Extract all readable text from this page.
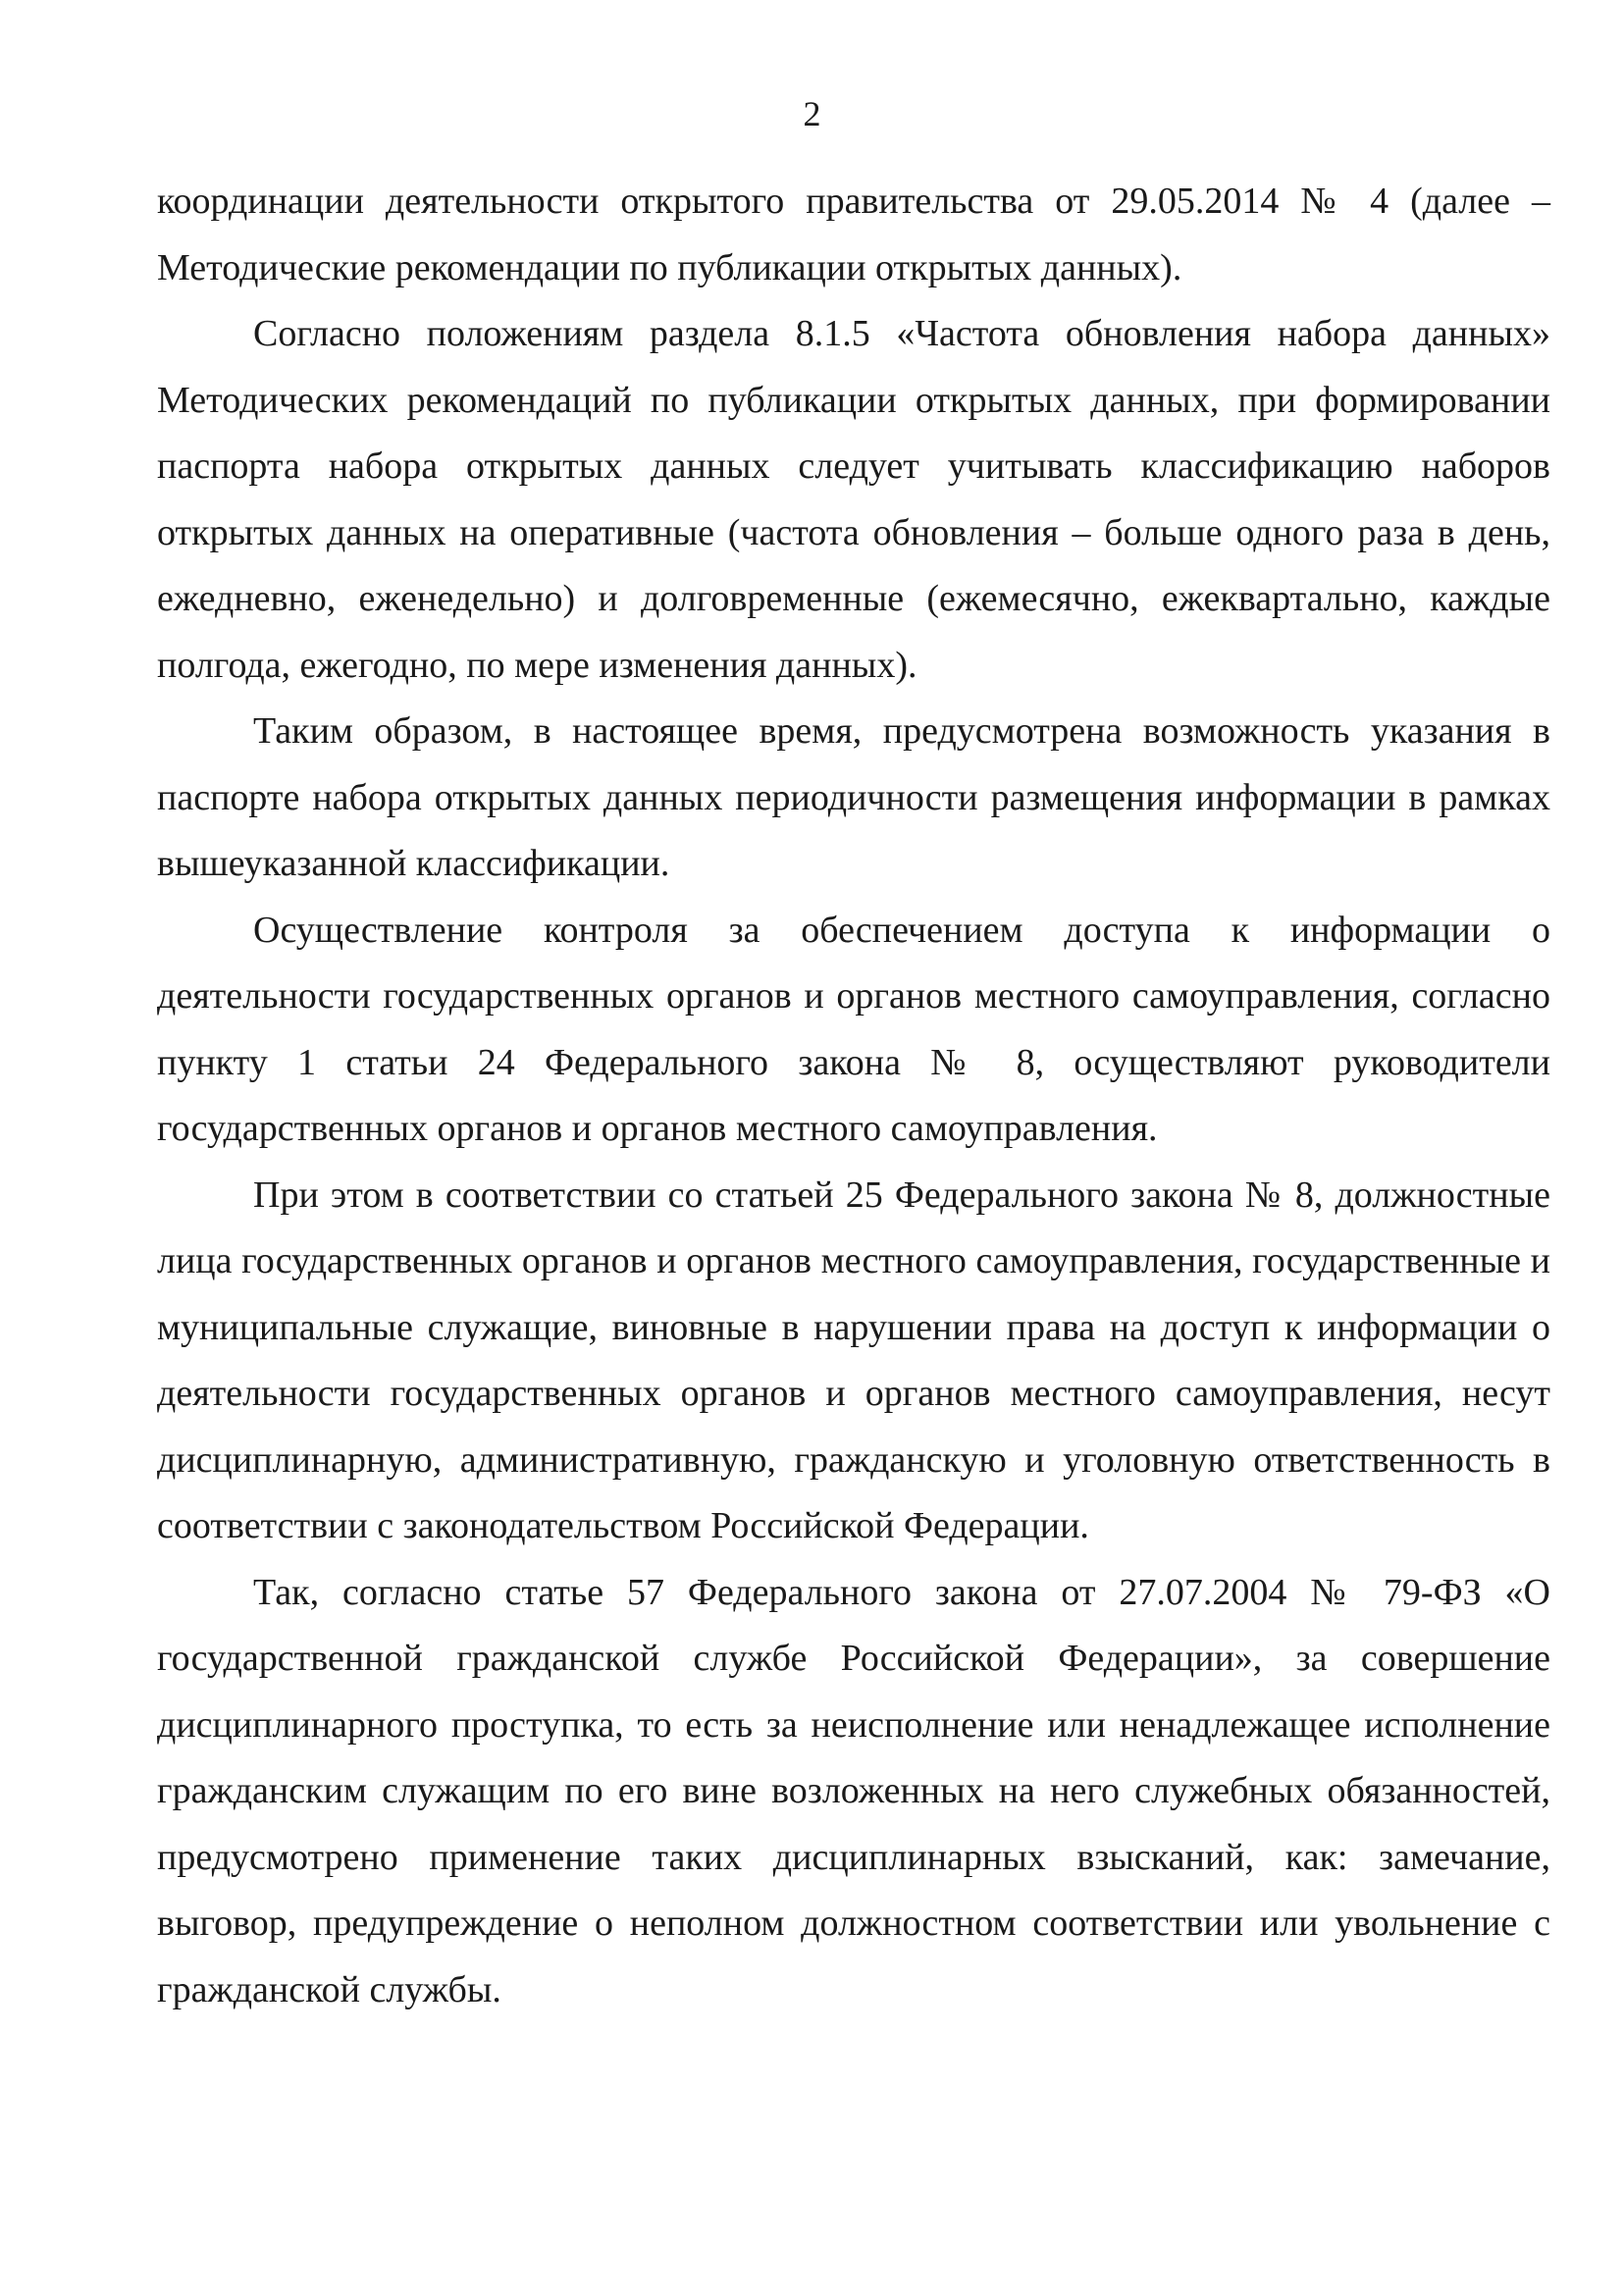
2

координации деятельности открытого правительства от 29.05.2014 № 4 (далее – Методические рекомендации по публикации открытых данных).

Согласно положениям раздела 8.1.5 «Частота обновления набора данных» Методических рекомендаций по публикации открытых данных, при формировании паспорта набора открытых данных следует учитывать классификацию наборов открытых данных на оперативные (частота обновления – больше одного раза в день, ежедневно, еженедельно) и долговременные (ежемесячно, ежеквартально, каждые полгода, ежегодно, по мере изменения данных).

Таким образом, в настоящее время, предусмотрена возможность указания в паспорте набора открытых данных периодичности размещения информации в рамках вышеуказанной классификации.

Осуществление контроля за обеспечением доступа к информации о деятельности государственных органов и органов местного самоуправления, согласно пункту 1 статьи 24 Федерального закона № 8, осуществляют руководители государственных органов и органов местного самоуправления.

При этом в соответствии со статьей 25 Федерального закона № 8, должностные лица государственных органов и органов местного самоуправления, государственные и муниципальные служащие, виновные в нарушении права на доступ к информации о деятельности государственных органов и органов местного самоуправления, несут дисциплинарную, административную, гражданскую и уголовную ответственность в соответствии с законодательством Российской Федерации.

Так, согласно статье 57 Федерального закона от 27.07.2004 № 79-ФЗ «О государственной гражданской службе Российской Федерации», за совершение дисциплинарного проступка, то есть за неисполнение или ненадлежащее исполнение гражданским служащим по его вине возложенных на него служебных обязанностей, предусмотрено применение таких дисциплинарных взысканий, как: замечание, выговор, предупреждение о неполном должностном соответствии или увольнение с гражданской службы.
